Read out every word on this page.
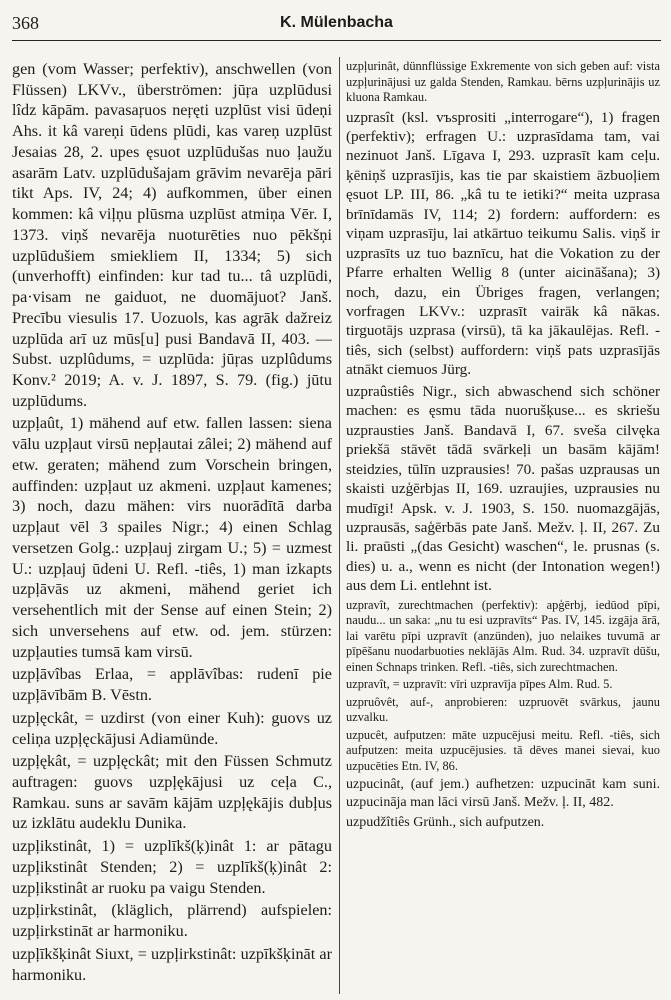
368	K. Mülenbacha

gen (vom Wasser; perfektiv), anschwellen (von Flüssen) LKVv., überströmen: jūŗa uzplūdusi lîdz kāpām. pavasaŗuos neŗęti uzplūst visi ūdeņi Ahs. it kâ vareņi ūdens plūdi, kas vareņ uzplūst Jesaias 28, 2. upes ęsuot uzplūdušas nuo ļaužu asarām Latv. uzplūdušajam grāvim nevarēja pāri tikt Aps. IV, 24; 4) aufkommen, über einen kommen: kâ viļņu plūsma uzplūst atmiņa Vēr. I, 1373. viņš nevarēja nuoturēties nuo pēkšņi uzplūdušiem smiekliem II, 1334; 5) sich (unverhofft) einfinden: kur tad tu... tâ uzplūdi, pa·visam ne gaiduot, ne duomājuot? Janš. Precību viesulis 17. Uozuols, kas agrāk dažreiz uzplūda arī uz mūs[u] pusi Bandavā II, 403. — Subst. uzplûdums, = uzplūda: jūŗas uzplûdums Konv.² 2019; A. v. J. 1897, S. 79. (fig.) jūtu uzplūdums.

uzpļaût, 1) mähend auf etw. fallen lassen: siena vālu uzpļaut virsū nepļautai zâlei; 2) mähend auf etw. geraten; mähend zum Vorschein bringen, auffinden: uzpļaut uz akmeni. uzpļaut kamenes; 3) noch, dazu mähen: virs nuorādītā darba uzpļaut vēl 3 spailes Nigr.; 4) einen Schlag versetzen Golg.: uzpļauj zirgam U.; 5) = uzmest U.: uzpļauj ūdeni U. Refl. -tiês, 1) man izkapts uzpļāvās uz akmeni, mähend geriet ich versehentlich mit der Sense auf einen Stein; 2) sich unversehens auf etw. od. jem. stürzen: uzpļauties tumsā kam virsū.

uzpļāvîbas Erlaa, = applāvîbas: rudenī pie uzpļāvībām B. Vēstn.

uzpļęckât, = uzdirst (von einer Kuh): guovs uz celiņa uzpļęckājusi Adiamünde.

uzpļękât, = uzpļęckât; mit den Füssen Schmutz auftragen: guovs uzpļękājusi uz ceļa C., Ramkau. suns ar savām kājām uzpļękājis dubļus uz izklātu audeklu Dunika.

uzpļikstinât, 1) = uzplīkš(ķ)inât 1: ar pātagu uzpļikstinât Stenden; 2) = uzplīkš(ķ)inât 2: uzpļikstinât ar ruoku pa vaigu Stenden.

uzpļirkstinât, (kläglich, plärrend) aufspielen: uzpļirkstināt ar harmoniku.

uzpļīkšķinât Siuxt, = uzpļirkstinât: uzpīkšķināt ar harmoniku.

uzpļurinât, dünnflüssige Exkremente von sich geben auf: vista uzpļurinājusi uz galda Stenden, Ramkau. bērns uzpļurinājis uz kluona Ramkau.

uzprasît (ksl. vъsprositi „interrogare“), 1) fragen (perfektiv); erfragen U.: uzprasīdama tam, vai nezinuot Janš. Līgava I, 293. uzprasīt kam ceļu. ķēniņš uzprasījis, kas tie par skaistiem āzbuoļiem ęsuot LP. III, 86. „kâ tu te ietiki?“ meita uzprasa brīnīdamās IV, 114; 2) fordern: auffordern: es viņam uzprasīju, lai atkārtuo teikumu Salis. viņš ir uzprasīts uz tuo baznīcu, hat die Vokation zu der Pfarre erhalten Wellig 8 (unter aicināšana); 3) noch, dazu, ein Übriges fragen, verlangen; vorfragen LKVv.: uzprasīt vairāk kâ nākas. tirguotājs uzprasa (virsū), tā ka jākaulējas. Refl. -tiês, sich (selbst) auffordern: viņš pats uzprasījās atnākt ciemuos Jürg.

uzpraûstiês Nigr., sich abwaschend sich schöner machen: es ęsmu tāda nuorušķuse... es skriešu uzprausties Janš. Bandavā I, 67. sveša cilvęka priekšā stāvēt tādā svārkeļi un basām kājām! steidzies, tūlīn uzprausies! 70. pašas uzprausas un skaisti uzģērbjas II, 169. uzraujies, uzprausies nu mudīgi! Apsk. v. J. 1903, S. 150. nuomazgājās, uzprausās, saģērbās pate Janš. Mežv. ļ. II, 267. Zu li. praūsti „(das Gesicht) waschen“, le. prusnas (s. dies) u. a., wenn es nicht (der Intonation wegen!) aus dem Li. entlehnt ist.

uzpravît, zurechtmachen (perfektiv): apģērbj, iedūod pīpi, naudu... un saka: „nu tu esi uzpravīts“ Pas. IV, 145. izgāja ārā, lai varētu pīpi uzpravīt (anzünden), juo nelaikes tuvumā ar pīpēšanu nuodarbuoties neklājās Alm. Rud. 34. uzpravīt dūšu, einen Schnaps trinken. Refl. -tiês, sich zurechtmachen.

uzpravît, = uzpravīt: vīri uzpravīja pīpes Alm. Rud. 5.

uzpruôvêt, auf-, anprobieren: uzpruovēt svārkus, jaunu uzvalku.

uzpucêt, aufputzen: māte uzpucējusi meitu. Refl. -tiês, sich aufputzen: meita uzpucējusies. tā dēves manei sievai, kuo uzpucēties Etn. IV, 86.

uzpucinât, (auf jem.) aufhetzen: uzpucināt kam suni. uzpucināja man lāci virsū Janš. Mežv. ļ. II, 482.

uzpudžîtiês Grünh., sich aufputzen.
